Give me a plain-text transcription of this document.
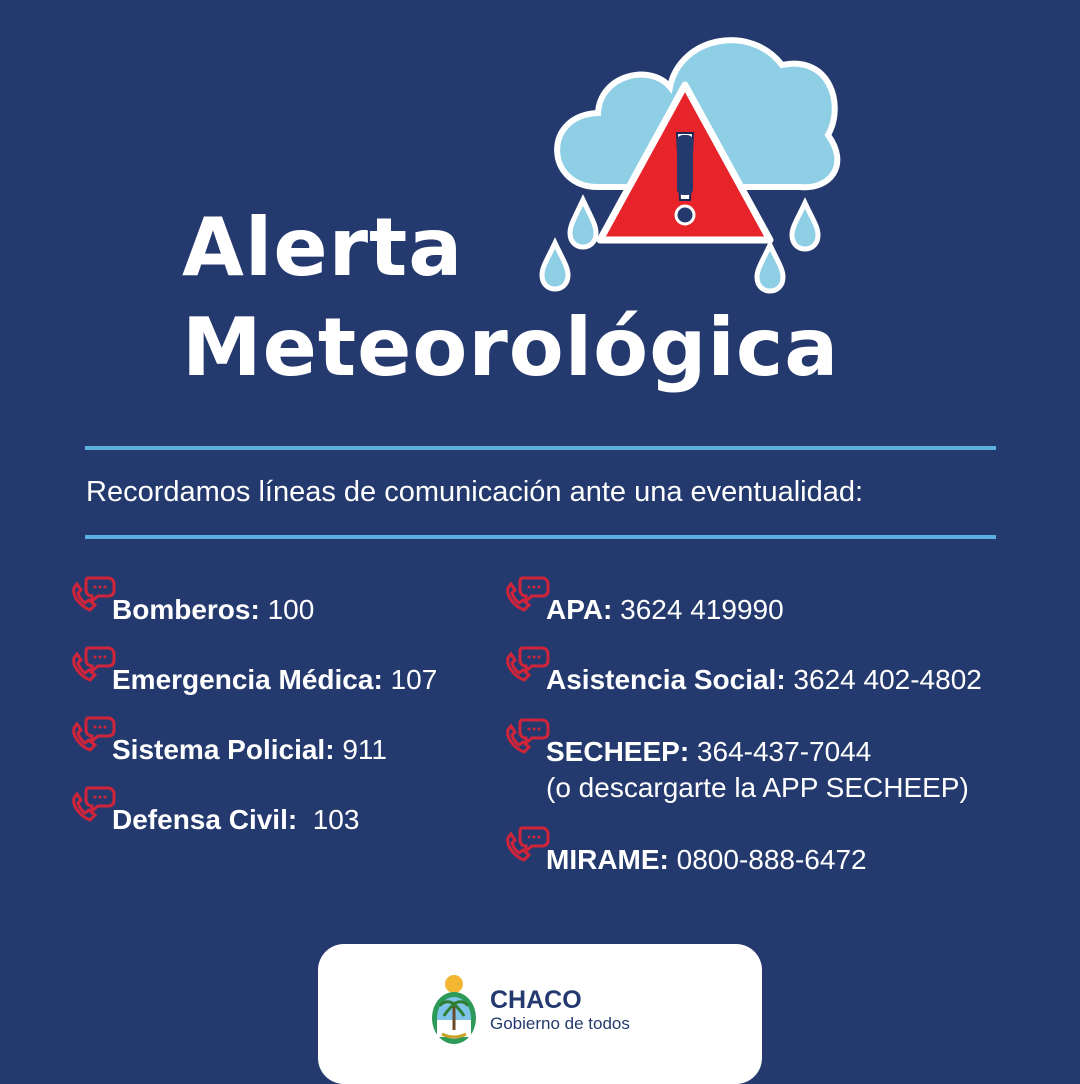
Alerta
Meteorológica
Recordamos líneas de comunicación ante una eventualidad:
Bomberos: 100
Emergencia Médica: 107
Sistema Policial: 911
Defensa Civil:  103
APA: 3624 419990
Asistencia Social: 3624 402-4802
SECHEEP: 364-437-7044
(o descargarte la APP SECHEEP)
MIRAME: 0800-888-6472
CHACO
Gobierno de todos
